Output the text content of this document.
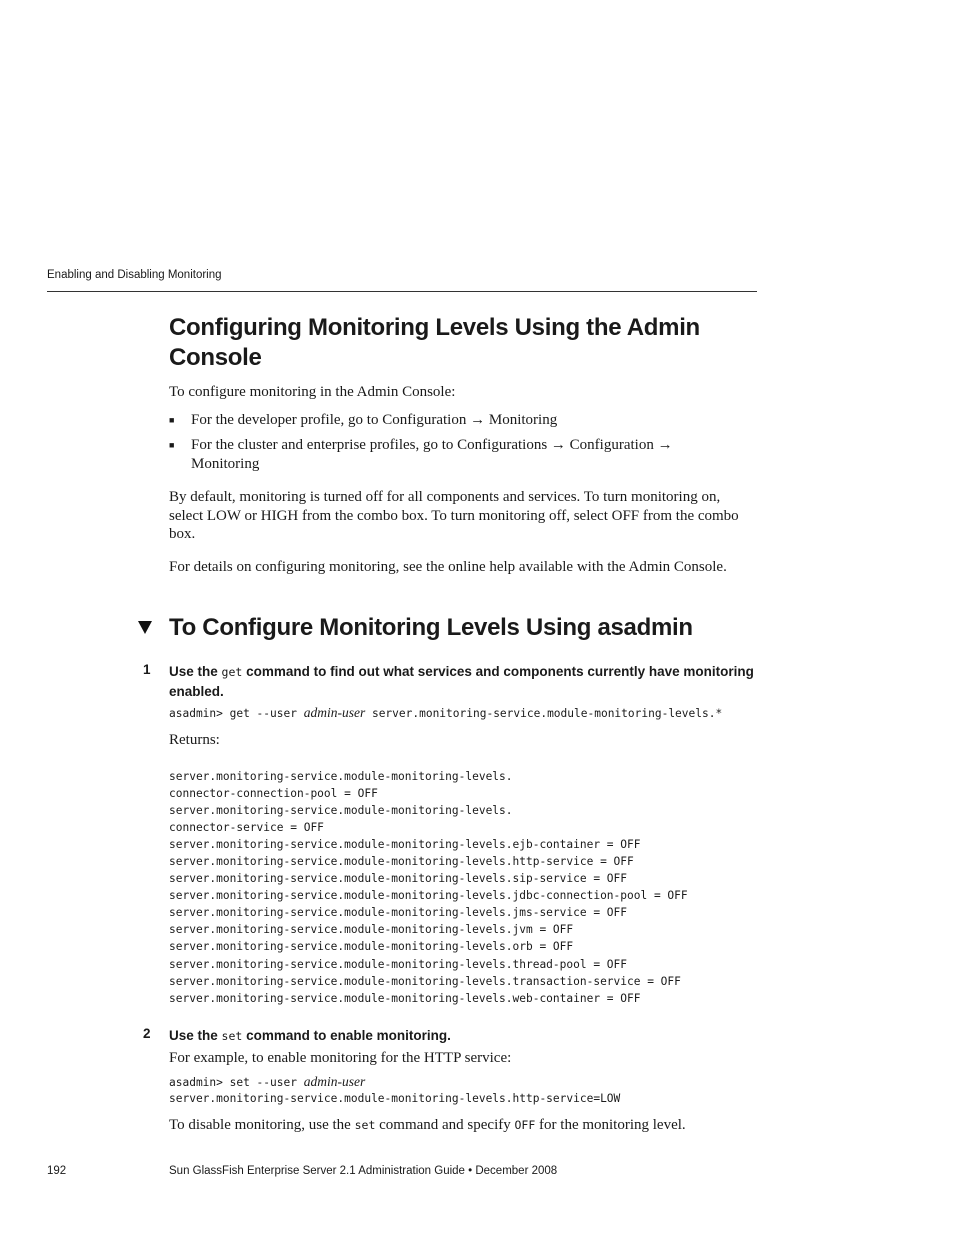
Enabling and Disabling Monitoring
Configuring Monitoring Levels Using the Admin
Console
To configure monitoring in the Admin Console:
■ For the developer profile, go to Configuration → Monitoring
■ For the cluster and enterprise profiles, go to Configurations → Configuration →
Monitoring
By default, monitoring is turned off for all components and services. To turn monitoring on, select LOW or HIGH from the combo box. To turn monitoring off, select OFF from the combo box.
For details on configuring monitoring, see the online help available with the Admin Console.
To Configure Monitoring Levels Using asadmin
1 Use the get command to find out what services and components currently have monitoring enabled.
asadmin> get --user admin-user server.monitoring-service.module-monitoring-levels.*
Returns:
server.monitoring-service.module-monitoring-levels.
connector-connection-pool = OFF
server.monitoring-service.module-monitoring-levels.
connector-service = OFF
server.monitoring-service.module-monitoring-levels.ejb-container = OFF
server.monitoring-service.module-monitoring-levels.http-service = OFF
server.monitoring-service.module-monitoring-levels.sip-service = OFF
server.monitoring-service.module-monitoring-levels.jdbc-connection-pool = OFF
server.monitoring-service.module-monitoring-levels.jms-service = OFF
server.monitoring-service.module-monitoring-levels.jvm = OFF
server.monitoring-service.module-monitoring-levels.orb = OFF
server.monitoring-service.module-monitoring-levels.thread-pool = OFF
server.monitoring-service.module-monitoring-levels.transaction-service = OFF
server.monitoring-service.module-monitoring-levels.web-container = OFF
2 Use the set command to enable monitoring.
For example, to enable monitoring for the HTTP service:
asadmin> set --user admin-user
server.monitoring-service.module-monitoring-levels.http-service=LOW
To disable monitoring, use the set command and specify OFF for the monitoring level.
192	Sun GlassFish Enterprise Server 2.1 Administration Guide • December 2008
